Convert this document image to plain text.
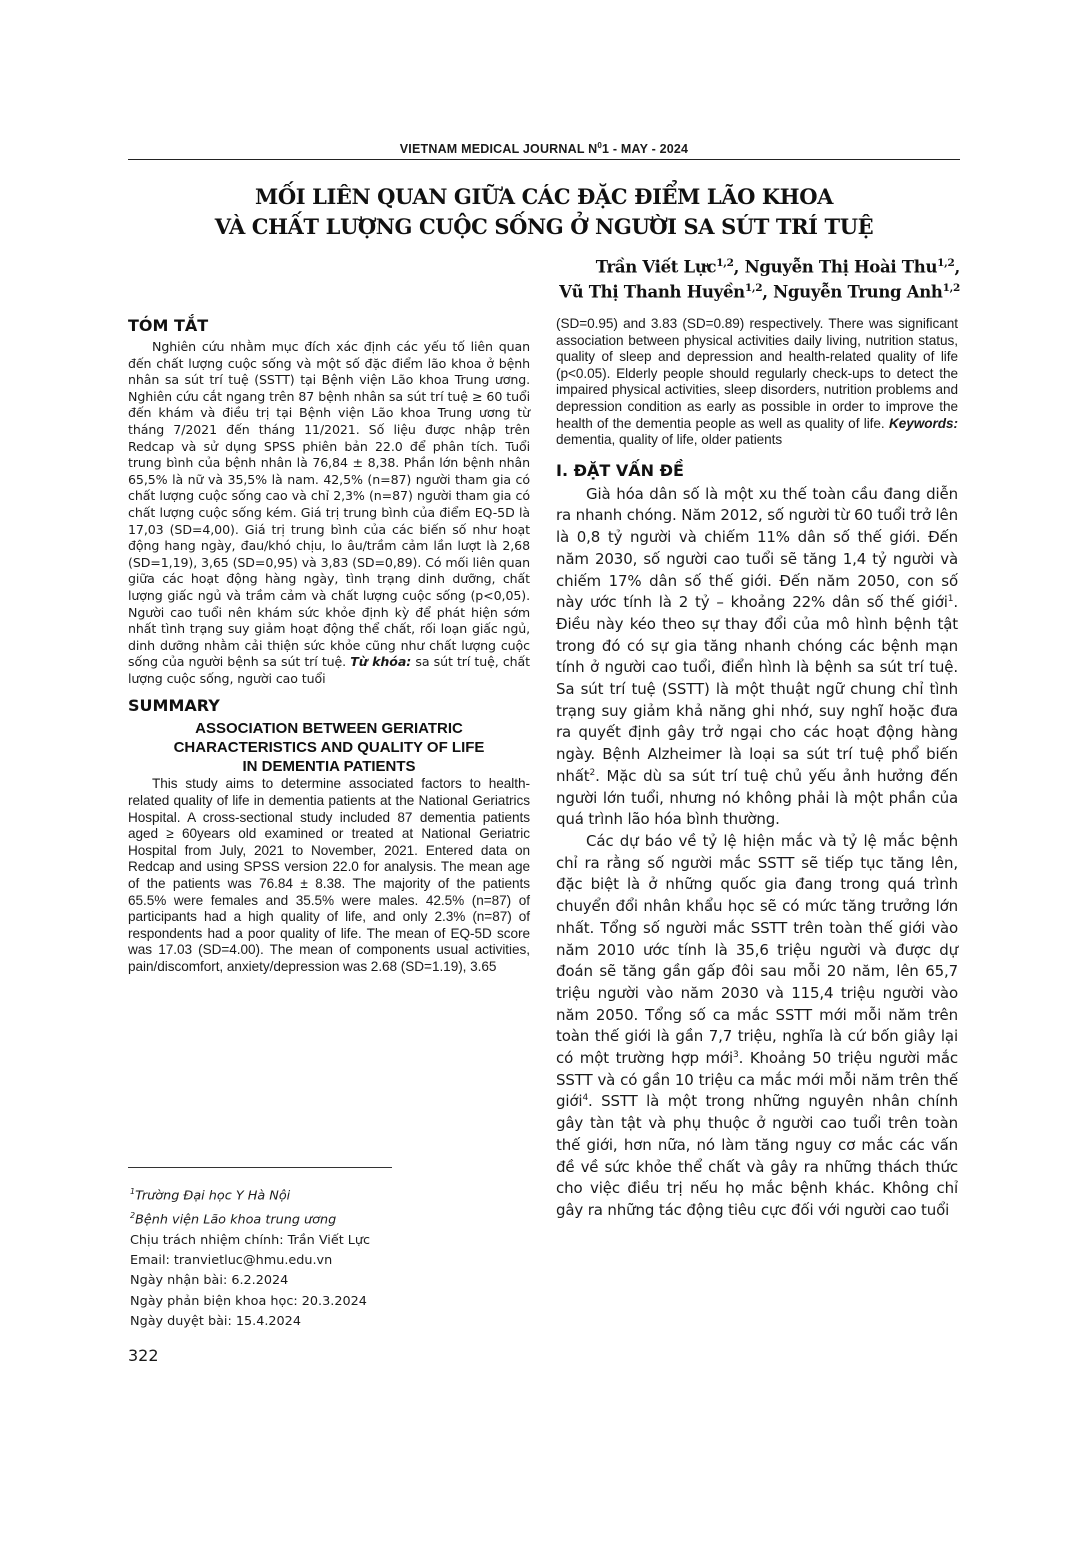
VIETNAM MEDICAL JOURNAL $N^01$ - MAY - 2024
MỐI LIÊN QUAN GIỮA CÁC ĐẶC ĐIỂM LÃO KHOA
VÀ CHẤT LƯỢNG CUỘC SỐNG Ở NGƯỜI SA SÚT TRÍ TUỆ
Trần Viết Lực$^{1,2}$, Nguyễn Thị Hoài Thu$^{1,2}$,
Vũ Thị Thanh Huyền$^{1,2}$, Nguyễn Trung Anh$^{1,2}$
TÓM TẮT

Nghiên cứu nhằm mục đích xác định các yếu tố liên quan đến chất lượng cuộc sống và một số đặc điểm lão khoa ở bệnh nhân sa sút trí tuệ (SSTT) tại Bệnh viện Lão khoa Trung ương. Nghiên cứu cắt ngang trên 87 bệnh nhân sa sút trí tuệ ≥ 60 tuổi đến khám và điều trị tại Bệnh viện Lão khoa Trung ương từ tháng 7/2021 đến tháng 11/2021. Số liệu được nhập trên Redcap và sử dụng SPSS phiên bản 22.0 để phân tích. Tuổi trung bình của bệnh nhân là 76,84 ± 8,38. Phần lớn bệnh nhân 65,5% là nữ và 35,5% là nam. 42,5% (n=87) người tham gia có chất lượng cuộc sống cao và chỉ 2,3% (n=87) người tham gia có chất lượng cuộc sống kém. Giá trị trung bình của điểm EQ-5D là 17,03 (SD=4,00). Giá trị trung bình của các biến số như hoạt động hang ngày, đau/khó chịu, lo âu/trầm cảm lần lượt là 2,68 (SD=1,19), 3,65 (SD=0,95) và 3,83 (SD=0,89). Có mối liên quan giữa các hoạt động hàng ngày, tình trạng dinh dưỡng, chất lượng giấc ngủ và trầm cảm và chất lượng cuộc sống (p<0,05). Người cao tuổi nên khám sức khỏe định kỳ để phát hiện sớm nhất tình trạng suy giảm hoạt động thể chất, rối loạn giấc ngủ, dinh dưỡng nhằm cải thiện sức khỏe cũng như chất lượng cuộc sống của người bệnh sa sút trí tuệ. Từ khóa: sa sút trí tuệ, chất lượng cuộc sống, người cao tuổi

SUMMARY
ASSOCIATION BETWEEN GERIATRIC
CHARACTERISTICS AND QUALITY OF LIFE
IN DEMENTIA PATIENTS

This study aims to determine associated factors to health-related quality of life in dementia patients at the National Geriatrics Hospital. A cross-sectional study included 87 dementia patients aged ≥ 60years old examined or treated at National Geriatric Hospital from July, 2021 to November, 2021. Entered data on Redcap and using SPSS version 22.0 for analysis. The mean age of the patients was 76.84 ± 8.38. The majority of the patients 65.5% were females and 35.5% were males. 42.5% (n=87) of participants had a high quality of life, and only 2.3% (n=87) of respondents had a poor quality of life. The mean of EQ-5D score was 17.03 (SD=4.00). The mean of components usual activities, pain/discomfort, anxiety/depression was 2.68 (SD=1.19), 3.65

$^1$Trường Đại học Y Hà Nội
$^2$Bệnh viện Lão khoa trung ương
Chịu trách nhiệm chính: Trần Viết Lực
Email: tranvietluc@hmu.edu.vn
Ngày nhận bài: 6.2.2024
Ngày phản biện khoa học: 20.3.2024
Ngày duyệt bài: 15.4.2024
322

(SD=0.95) and 3.83 (SD=0.89) respectively. There was significant association between physical activities daily living, nutrition status, quality of sleep and depression and health-related quality of life (p<0.05). Elderly people should regularly check-ups to detect the impaired physical activities, sleep disorders, nutrition problems and depression condition as early as possible in order to improve the health of the dementia people as well as quality of life. Keywords: dementia, quality of life, older patients

I. ĐẶT VẤN ĐỀ

Già hóa dân số là một xu thế toàn cầu đang diễn ra nhanh chóng. Năm 2012, số người từ 60 tuổi trở lên là 0,8 tỷ người và chiếm 11% dân số thế giới. Đến năm 2030, số người cao tuổi sẽ tăng 1,4 tỷ người và chiếm 17% dân số thế giới. Đến năm 2050, con số này ước tính là 2 tỷ – khoảng 22% dân số thế giới$^1$. Điều này kéo theo sự thay đổi của mô hình bệnh tật trong đó có sự gia tăng nhanh chóng các bệnh mạn tính ở người cao tuổi, điển hình là bệnh sa sút trí tuệ. Sa sút trí tuệ (SSTT) là một thuật ngữ chung chỉ tình trạng suy giảm khả năng ghi nhớ, suy nghĩ hoặc đưa ra quyết định gây trở ngại cho các hoạt động hàng ngày. Bệnh Alzheimer là loại sa sút trí tuệ phổ biến nhất$^2$. Mặc dù sa sút trí tuệ chủ yếu ảnh hưởng đến người lớn tuổi, nhưng nó không phải là một phần của quá trình lão hóa bình thường.

Các dự báo về tỷ lệ hiện mắc và tỷ lệ mắc bệnh chỉ ra rằng số người mắc SSTT sẽ tiếp tục tăng lên, đặc biệt là ở những quốc gia đang trong quá trình chuyển đổi nhân khẩu học sẽ có mức tăng trưởng lớn nhất. Tổng số người mắc SSTT trên toàn thế giới vào năm 2010 ước tính là 35,6 triệu người và được dự đoán sẽ tăng gần gấp đôi sau mỗi 20 năm, lên 65,7 triệu người vào năm 2030 và 115,4 triệu người vào năm 2050. Tổng số ca mắc SSTT mới mỗi năm trên toàn thế giới là gần 7,7 triệu, nghĩa là cứ bốn giây lại có một trường hợp mới$^3$. Khoảng 50 triệu người mắc SSTT và có gần 10 triệu ca mắc mới mỗi năm trên thế giới$^4$. SSTT là một trong những nguyên nhân chính gây tàn tật và phụ thuộc ở người cao tuổi trên toàn thế giới, hơn nữa, nó làm tăng nguy cơ mắc các vấn đề về sức khỏe thể chất và gây ra những thách thức cho việc điều trị nếu họ mắc bệnh khác. Không chỉ gây ra những tác động tiêu cực đối với người cao tuổi
